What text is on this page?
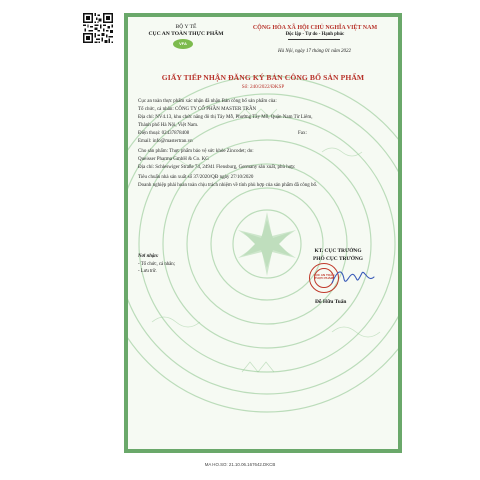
BỘ Y TẾ
CỤC AN TOÀN THỰC PHẨM
VFA
CỘNG HÒA XÃ HỘI CHỦ NGHĨA VIỆT NAM
Độc lập - Tự do - Hạnh phúc
Hà Nội, ngày 17 tháng 01 năm 2022
GIẤY TIẾP NHẬN ĐĂNG KÝ BẢN CÔNG BỐ SẢN PHẨM
Số: 240/2022/ĐKSP
Cục an toàn thực phẩm xác nhận đã nhận Bản công bố sản phẩm của:
Tổ chức, cá nhân: CÔNG TY CỔ PHẦN MASTER TRẦN
Địa chỉ: NV4.13, khu chức năng đô thị Tây Mỗ, Phường Tây Mỗ, Quận Nam Từ Liêm,
Thành phố Hà Nội, Việt Nam.
Điện thoại: 02437878408	Fax:
Email: info@mastertran.vn
Cho sản phẩm: Thực phẩm bảo vệ sức khỏe Zincodet; do:
Queisser Pharma GmbH & Co. KG
Địa chỉ: Schleswiger Straße 74, 24941 Flensburg, Germany sản xuất, phù hợp:
Tiêu chuẩn nhà sản xuất số 37/2020/QĐ ngày 27/10/2020
Doanh nghiệp phải hoàn toàn chịu trách nhiệm về tính phù hợp của sản phẩm đã công bố.
Nơi nhận:
- Tổ chức, cá nhân;
- Lưu trữ.
KT. CỤC TRƯỞNG
PHÓ CỤC TRƯỞNG
CỤC AN TOÀN THỰC PHẨM
Đỗ Hữu Tuấn
MA HO.SO: 21.10.06.167642.DKCB
